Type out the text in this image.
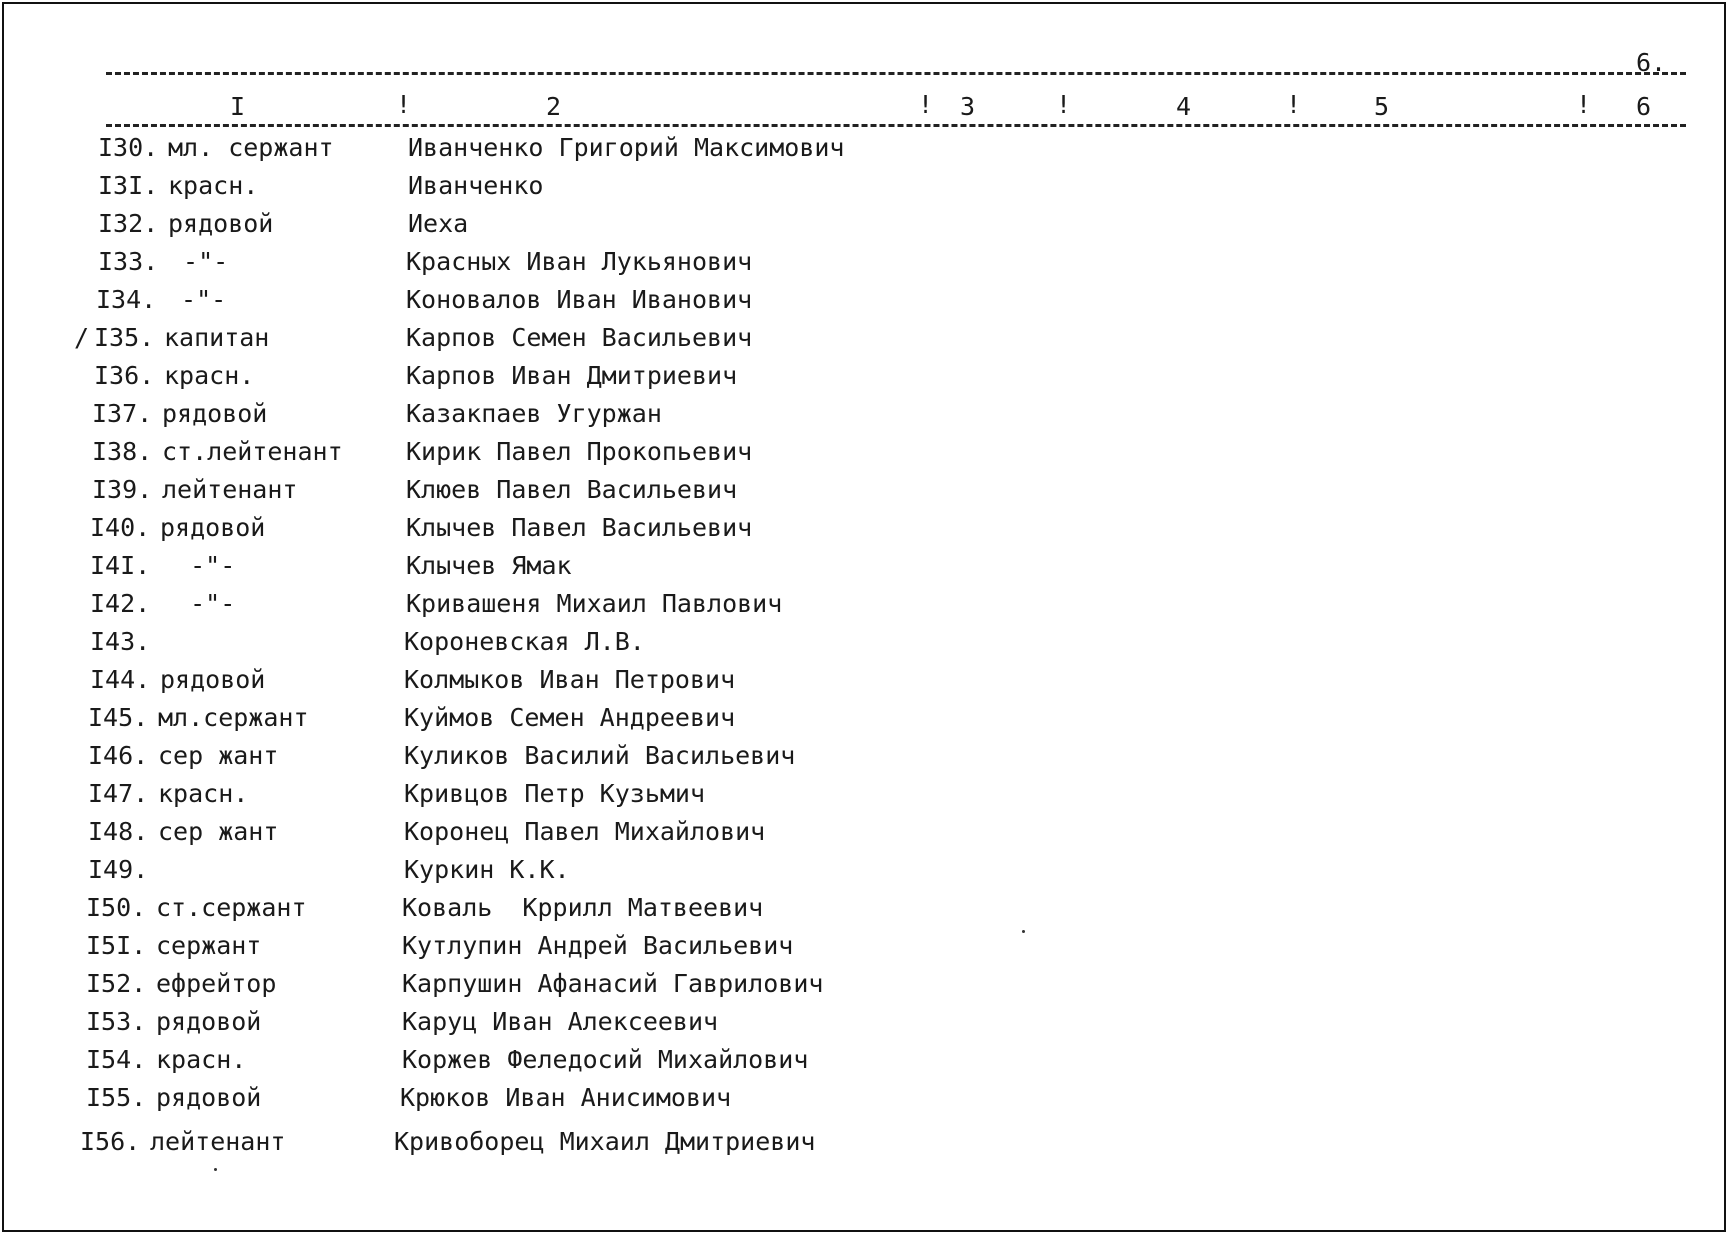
6.
I	!	2	! 3	!	4	!	5	! 6
I30. мл. сержант	Иванченко Григорий Максимович
I3I. красн.	Иванченко
I32. рядовой	Иеха
I33. -"-	Красных Иван Лукьянович
I34. -"-	Коновалов Иван Иванович
/ I35. капитан	Карпов Семен Васильевич
I36. красн.	Карпов Иван Дмитриевич
I37. рядовой	Казакпаев Угуржан
I38. ст.лейтенант	Кирик Павел Прокопьевич
I39. лейтенант	Клюев Павел Васильевич
I40. рядовой	Клычев Павел Васильевич
I4I. -"-	Клычев Ямак
I42. -"-	Кривашеня Михаил Павлович
I43.	Короневская Л.В.
I44. рядовой	Колмыков Иван Петрович
I45. мл.сержант	Куймов Семен Андреевич
I46. сер жант	Куликов Василий Васильевич
I47. красн.	Кривцов Петр Кузьмич
I48. сер жант	Коронец Павел Михайлович
I49.	Куркин К.К.
I50. ст.сержант	Коваль  Кррилл Матвеевич
I5I. сержант	Кутлупин Андрей Васильевич
I52. ефрейтор	Карпушин Афанасий Гаврилович
I53. рядовой	Каруц Иван Алексеевич
I54. красн.	Коржев Феледосий Михайлович
I55. рядовой	Крюков Иван Анисимович
I56. лейтенант	Кривоборец Михаил Дмитриевич
